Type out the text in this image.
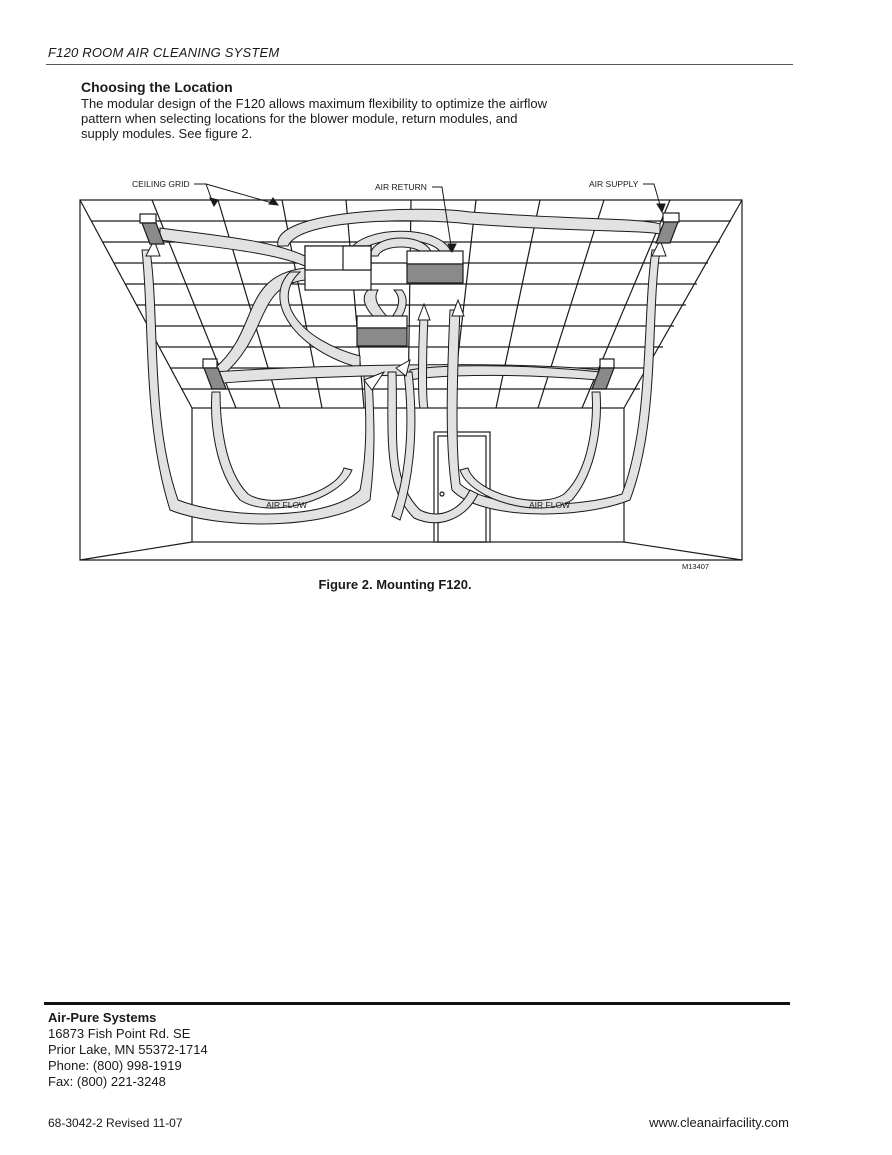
F120 ROOM AIR CLEANING SYSTEM
Choosing the Location
The modular design of the F120 allows maximum flexibility to optimize the airflow
pattern when selecting locations for the blower module, return modules, and
supply modules. See figure 2.
CEILING GRID	AIR RETURN	AIR SUPPLY
AIR FLOW	AIR FLOW
M13407
Figure 2. Mounting F120.
Air-Pure Systems
16873 Fish Point Rd. SE
Prior Lake, MN 55372-1714
Phone: (800) 998-1919
Fax: (800) 221-3248
68-3042-2 Revised 11-07	www.cleanairfacility.com
